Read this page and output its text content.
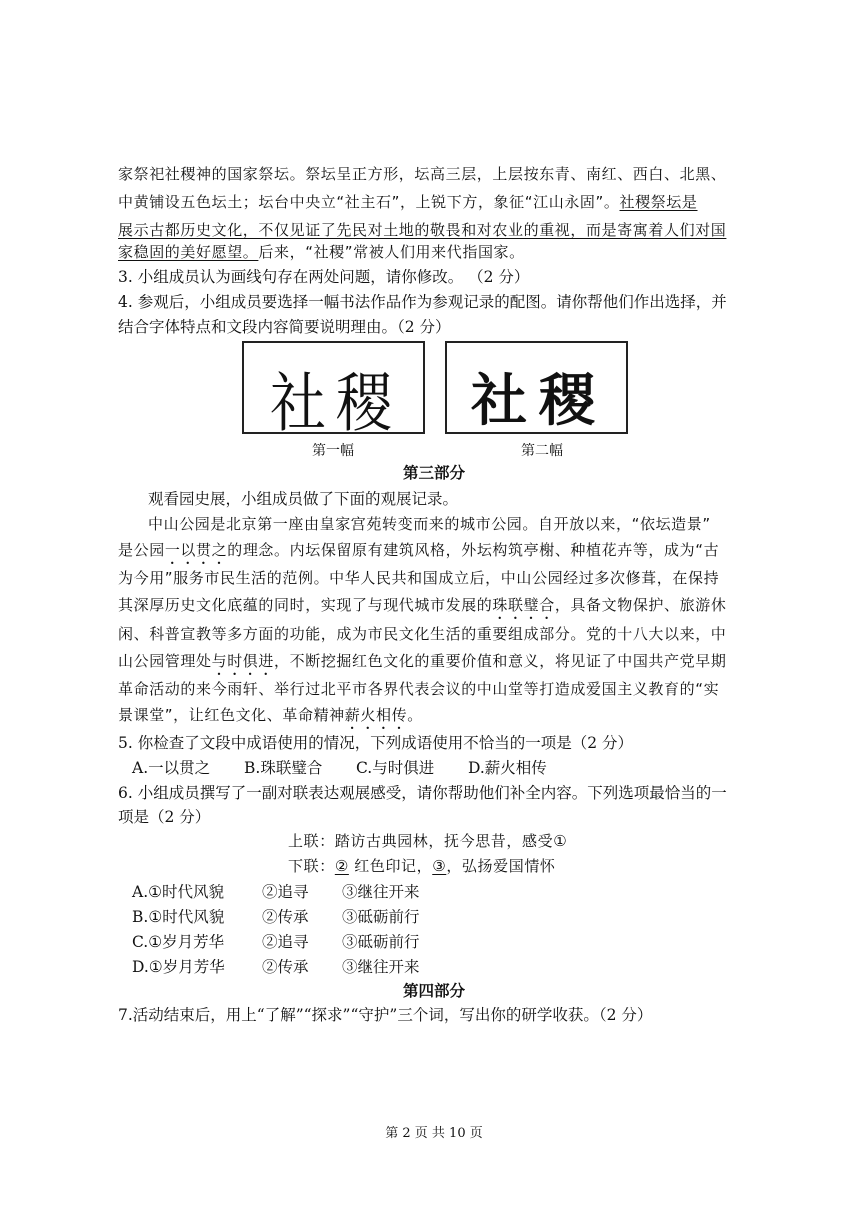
家祭祀社稷神的国家祭坛。祭坛呈正方形，坛高三层，上层按东青、南红、西白、北黑、
中黄铺设五色坛土；坛台中央立“社主石”，上锐下方，象征“江山永固”。社稷祭坛是
展示古都历史文化，不仅见证了先民对土地的敬畏和对农业的重视，而是寄寓着人们对国
家稳固的美好愿望。后来，“社稷”常被人们用来代指国家。
3. 小组成员认为画线句存在两处问题，请你修改。 （2 分）
4. 参观后，小组成员要选择一幅书法作品作为参观记录的配图。请你帮他们作出选择，并
结合字体特点和文段内容简要说明理由。（2 分）
社稷 社稷
第一幅	第二幅
第三部分
观看园史展，小组成员做了下面的观展记录。
中山公园是北京第一座由皇家宫苑转变而来的城市公园。自开放以来，“依坛造景”
是公园一以贯之的理念。内坛保留原有建筑风格，外坛构筑亭榭、种植花卉等，成为“古
为今用”服务市民生活的范例。中华人民共和国成立后，中山公园经过多次修葺，在保持
其深厚历史文化底蕴的同时，实现了与现代城市发展的珠联璧合，具备文物保护、旅游休
闲、科普宣教等多方面的功能，成为市民文化生活的重要组成部分。党的十八大以来，中
山公园管理处与时俱进，不断挖掘红色文化的重要价值和意义，将见证了中国共产党早期
革命活动的来今雨轩、举行过北平市各界代表会议的中山堂等打造成爱国主义教育的“实
景课堂”，让红色文化、革命精神薪火相传。
5. 你检查了文段中成语使用的情况，下列成语使用不恰当的一项是（2 分）
A.一以贯之 B.珠联璧合 C.与时俱进 D.薪火相传
6. 小组成员撰写了一副对联表达观展感受，请你帮助他们补全内容。下列选项最恰当的一
项是（2 分）
上联：踏访古典园林，抚今思昔，感受①
下联：② 红色印记，③，弘扬爱国情怀
A.①时代风貌 ②追寻 ③继往开来
B.①时代风貌 ②传承 ③砥砺前行
C.①岁月芳华 ②追寻 ③砥砺前行
D.①岁月芳华 ②传承 ③继往开来
第四部分
7.活动结束后，用上“了解”“探求”“守护”三个词，写出你的研学收获。（2 分）
第 2 页 共 10 页
